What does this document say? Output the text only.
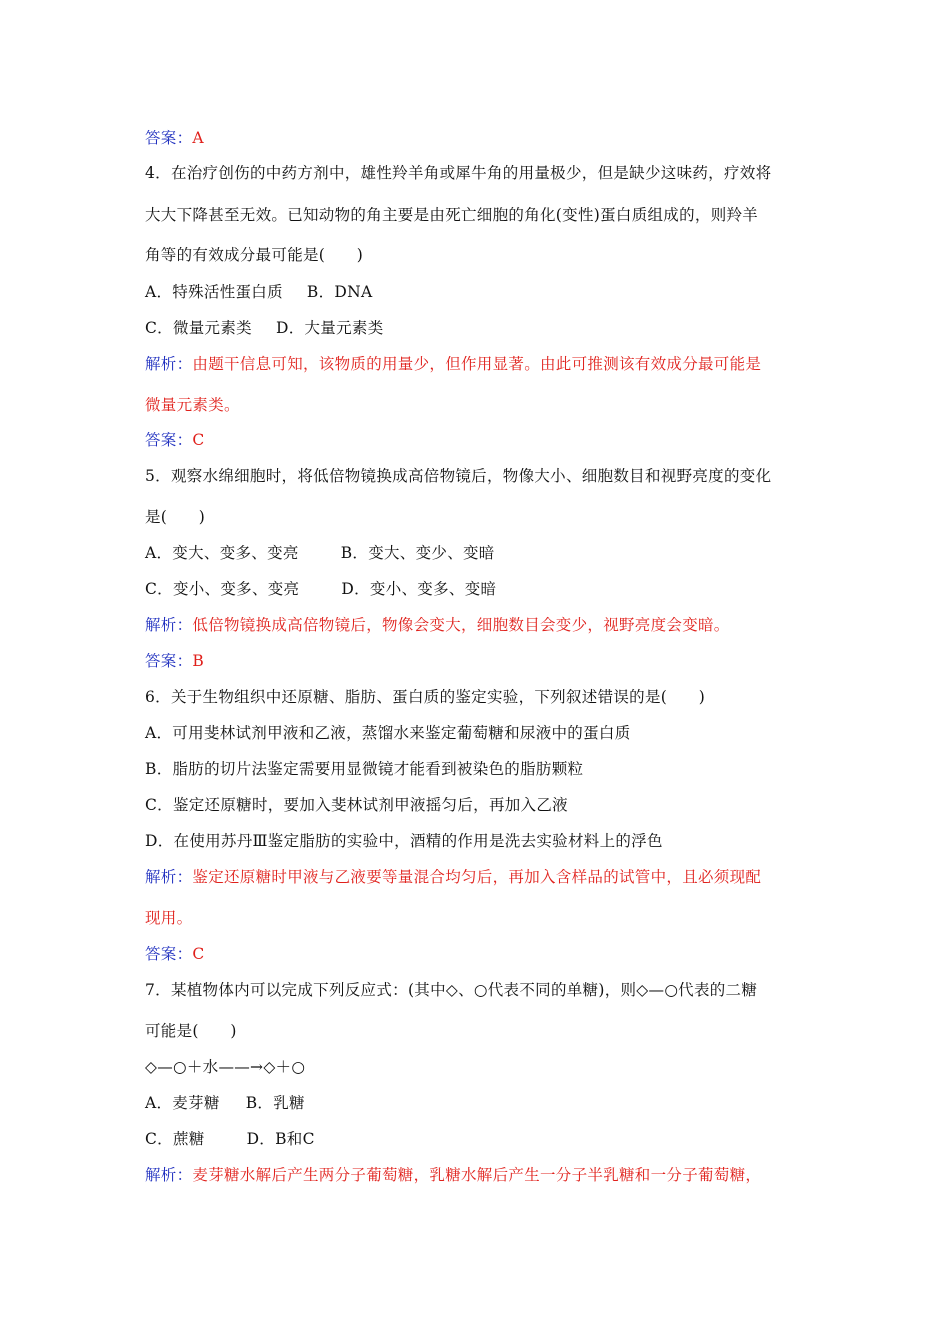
答案：A
4．在治疗创伤的中药方剂中，雄性羚羊角或犀牛角的用量极少，但是缺少这味药，疗效将
大大下降甚至无效。已知动物的角主要是由死亡细胞的角化(变性)蛋白质组成的，则羚羊
角等的有效成分最可能是(　　)
A．特殊活性蛋白质 B．DNA
C．微量元素类 D．大量元素类
解析：由题干信息可知，该物质的用量少，但作用显著。由此可推测该有效成分最可能是
微量元素类。
答案：C
5．观察水绵细胞时，将低倍物镜换成高倍物镜后，物像大小、细胞数目和视野亮度的变化
是(　　)
A．变大、变多、变亮	B．变大、变少、变暗
C．变小、变多、变亮	D．变小、变多、变暗
解析：低倍物镜换成高倍物镜后，物像会变大，细胞数目会变少，视野亮度会变暗。
答案：B
6．关于生物组织中还原糖、脂肪、蛋白质的鉴定实验，下列叙述错误的是(　　)
A．可用斐林试剂甲液和乙液，蒸馏水来鉴定葡萄糖和尿液中的蛋白质
B．脂肪的切片法鉴定需要用显微镜才能看到被染色的脂肪颗粒
C．鉴定还原糖时，要加入斐林试剂甲液摇匀后，再加入乙液
D．在使用苏丹Ⅲ鉴定脂肪的实验中，酒精的作用是洗去实验材料上的浮色
解析：鉴定还原糖时甲液与乙液要等量混合均匀后，再加入含样品的试管中，且必须现配
现用。
答案：C
7．某植物体内可以完成下列反应式：(其中◇、○代表不同的单糖)，则◇—○代表的二糖
可能是(　　)
◇—○＋水——→◇＋○
A．麦芽糖 B．乳糖
C．蔗糖	D．B和C
解析：麦芽糖水解后产生两分子葡萄糖，乳糖水解后产生一分子半乳糖和一分子葡萄糖，
